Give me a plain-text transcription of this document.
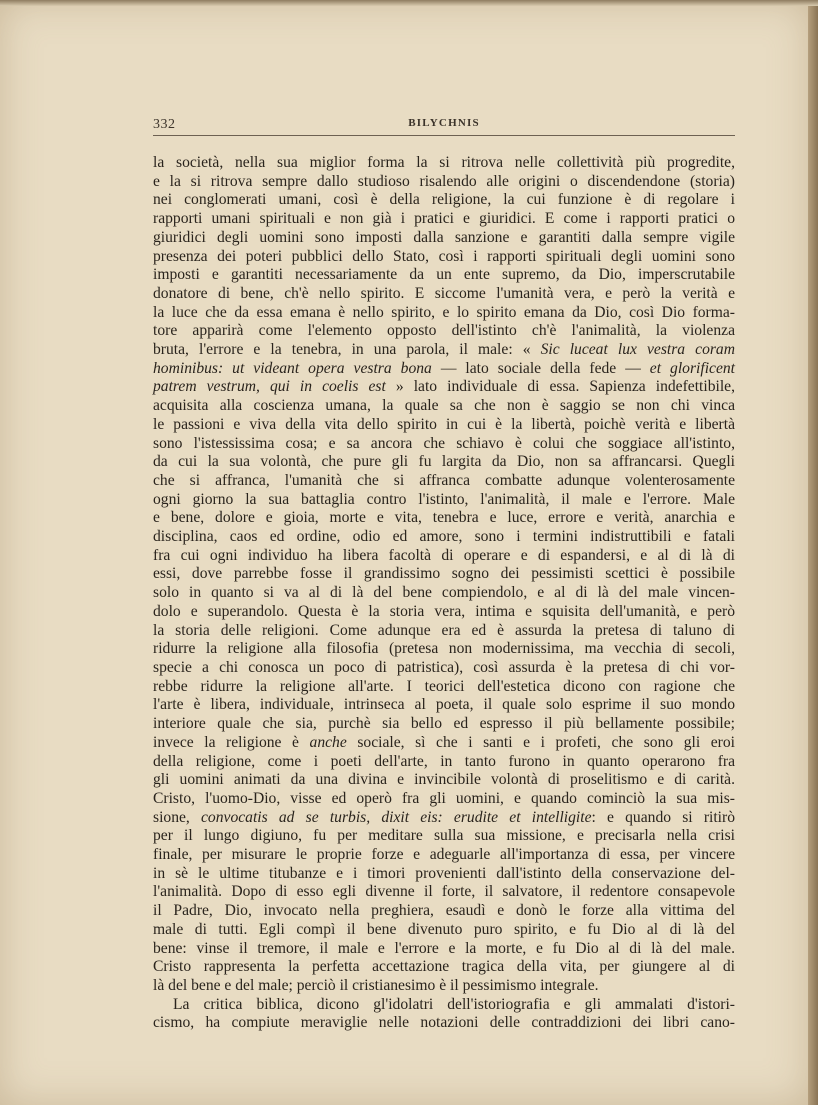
332	BILYCHNIS
la società, nella sua miglior forma la si ritrova nelle collettività più progredite,
e la si ritrova sempre dallo studioso risalendo alle origini o discendendone (storia)
nei conglomerati umani, così è della religione, la cui funzione è di regolare i
rapporti umani spirituali e non già i pratici e giuridici. E come i rapporti pratici o
giuridici degli uomini sono imposti dalla sanzione e garantiti dalla sempre vigile
presenza dei poteri pubblici dello Stato, così i rapporti spirituali degli uomini sono
imposti e garantiti necessariamente da un ente supremo, da Dio, imperscrutabile
donatore di bene, ch'è nello spirito. E siccome l'umanità vera, e però la verità e
la luce che da essa emana è nello spirito, e lo spirito emana da Dio, così Dio forma-
tore apparirà come l'elemento opposto dell'istinto ch'è l'animalità, la violenza
bruta, l'errore e la tenebra, in una parola, il male: « Sic luceat lux vestra coram
hominibus: ut videant opera vestra bona — lato sociale della fede — et glorificent
patrem vestrum, qui in coelis est » lato individuale di essa. Sapienza indefettibile,
acquisita alla coscienza umana, la quale sa che non è saggio se non chi vinca
le passioni e viva della vita dello spirito in cui è la libertà, poichè verità e libertà
sono l'istessissima cosa; e sa ancora che schiavo è colui che soggiace all'istinto,
da cui la sua volontà, che pure gli fu largita da Dio, non sa affrancarsi. Quegli
che si affranca, l'umanità che si affranca combatte adunque volenterosamente
ogni giorno la sua battaglia contro l'istinto, l'animalità, il male e l'errore. Male
e bene, dolore e gioia, morte e vita, tenebra e luce, errore e verità, anarchia e
disciplina, caos ed ordine, odio ed amore, sono i termini indistruttibili e fatali
fra cui ogni individuo ha libera facoltà di operare e di espandersi, e al di là di
essi, dove parrebbe fosse il grandissimo sogno dei pessimisti scettici è possibile
solo in quanto si va al di là del bene compiendolo, e al di là del male vincen-
dolo e superandolo. Questa è la storia vera, intima e squisita dell'umanità, e però
la storia delle religioni. Come adunque era ed è assurda la pretesa di taluno di
ridurre la religione alla filosofia (pretesa non modernissima, ma vecchia di secoli,
specie a chi conosca un poco di patristica), così assurda è la pretesa di chi vor-
rebbe ridurre la religione all'arte. I teorici dell'estetica dicono con ragione che
l'arte è libera, individuale, intrinseca al poeta, il quale solo esprime il suo mondo
interiore quale che sia, purchè sia bello ed espresso il più bellamente possibile;
invece la religione è anche sociale, sì che i santi e i profeti, che sono gli eroi
della religione, come i poeti dell'arte, in tanto furono in quanto operarono fra
gli uomini animati da una divina e invincibile volontà di proselitismo e di carità.
Cristo, l'uomo-Dio, visse ed operò fra gli uomini, e quando cominciò la sua mis-
sione, convocatis ad se turbis, dixit eis: erudite et intelligite: e quando si ritirò
per il lungo digiuno, fu per meditare sulla sua missione, e precisarla nella crisi
finale, per misurare le proprie forze e adeguarle all'importanza di essa, per vincere
in sè le ultime titubanze e i timori provenienti dall'istinto della conservazione del-
l'animalità. Dopo di esso egli divenne il forte, il salvatore, il redentore consapevole
il Padre, Dio, invocato nella preghiera, esaudì e donò le forze alla vittima del
male di tutti. Egli compì il bene divenuto puro spirito, e fu Dio al di là del
bene: vinse il tremore, il male e l'errore e la morte, e fu Dio al di là del male.
Cristo rappresenta la perfetta accettazione tragica della vita, per giungere al di
là del bene e del male; perciò il cristianesimo è il pessimismo integrale.
La critica biblica, dicono gl'idolatri dell'istoriografia e gli ammalati d'istori-
cismo, ha compiute meraviglie nelle notazioni delle contraddizioni dei libri cano-
